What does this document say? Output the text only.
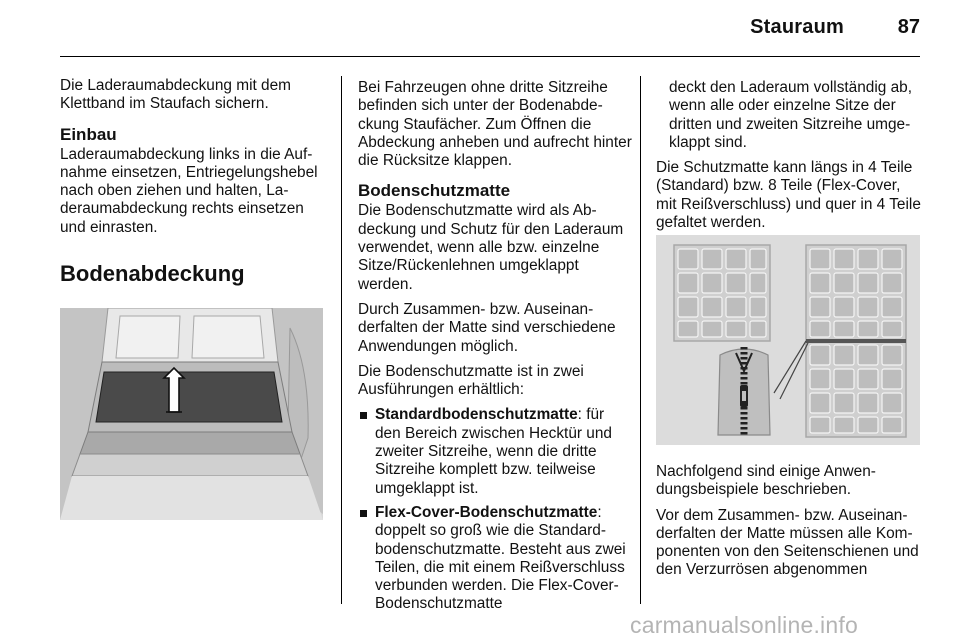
Stauraum	87

Die Laderaumabdeckung mit dem Klettband im Staufach sichern.

Einbau

Laderaumabdeckung links in die Aufnahme einsetzen, Entriegelungshebel nach oben ziehen und halten, Laderaumabdeckung rechts einsetzen und einrasten.

Bodenabdeckung

Bei Fahrzeugen ohne dritte Sitzreihe befinden sich unter der Bodenabdeckung Staufächer. Zum Öffnen die Abdeckung anheben und aufrecht hinter die Rücksitze klappen.

Bodenschutzmatte

Die Bodenschutzmatte wird als Abdeckung und Schutz für den Laderaum verwendet, wenn alle bzw. einzelne Sitze/Rückenlehnen umgeklappt werden.

Durch Zusammen- bzw. Auseinanderfalten der Matte sind verschiedene Anwendungen möglich.

Die Bodenschutzmatte ist in zwei Ausführungen erhältlich:

Standardbodenschutzmatte: für den Bereich zwischen Hecktür und zweiter Sitzreihe, wenn die dritte Sitzreihe komplett bzw. teilweise umgeklappt ist.
Flex-Cover-Bodenschutzmatte: doppelt so groß wie die Standardbodenschutzmatte. Besteht aus zwei Teilen, die mit einem Reißverschluss verbunden werden. Die Flex-Cover-Bodenschutzmatte

deckt den Laderaum vollständig ab, wenn alle oder einzelne Sitze der dritten und zweiten Sitzreihe umgeklappt sind.

Die Schutzmatte kann längs in 4 Teile (Standard) bzw. 8 Teile (Flex-Cover, mit Reißverschluss) und quer in 4 Teile gefaltet werden.

Nachfolgend sind einige Anwendungsbeispiele beschrieben.

Vor dem Zusammen- bzw. Auseinanderfalten der Matte müssen alle Komponenten von den Seitenschienen und den Verzurrösen abgenommen

carmanualsonline.info
